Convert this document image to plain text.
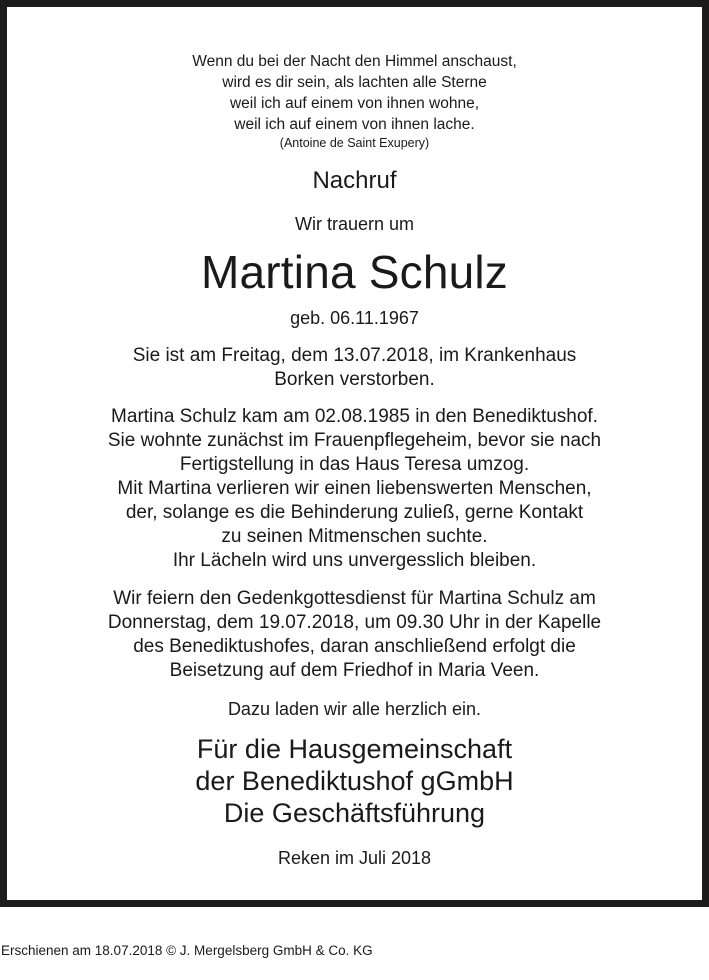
Wenn du bei der Nacht den Himmel anschaust,
wird es dir sein, als lachten alle Sterne
weil ich auf einem von ihnen wohne,
weil ich auf einem von ihnen lache.
(Antoine de Saint Exupery)
Nachruf
Wir trauern um
Martina Schulz
geb. 06.11.1967
Sie ist am Freitag, dem 13.07.2018, im Krankenhaus
Borken verstorben.
Martina Schulz kam am 02.08.1985 in den Benediktushof.
Sie wohnte zunächst im Frauenpflegeheim, bevor sie nach
Fertigstellung in das Haus Teresa umzog.
Mit Martina verlieren wir einen liebenswerten Menschen,
der, solange es die Behinderung zuließ, gerne Kontakt
zu seinen Mitmenschen suchte.
Ihr Lächeln wird uns unvergesslich bleiben.
Wir feiern den Gedenkgottesdienst für Martina Schulz am
Donnerstag, dem 19.07.2018, um 09.30 Uhr in der Kapelle
des Benediktushofes, daran anschließend erfolgt die
Beisetzung auf dem Friedhof in Maria Veen.
Dazu laden wir alle herzlich ein.
Für die Hausgemeinschaft
der Benediktushof gGmbH
Die Geschäftsführung
Reken im Juli 2018
Erschienen am 18.07.2018 © J. Mergelsberg GmbH & Co. KG
